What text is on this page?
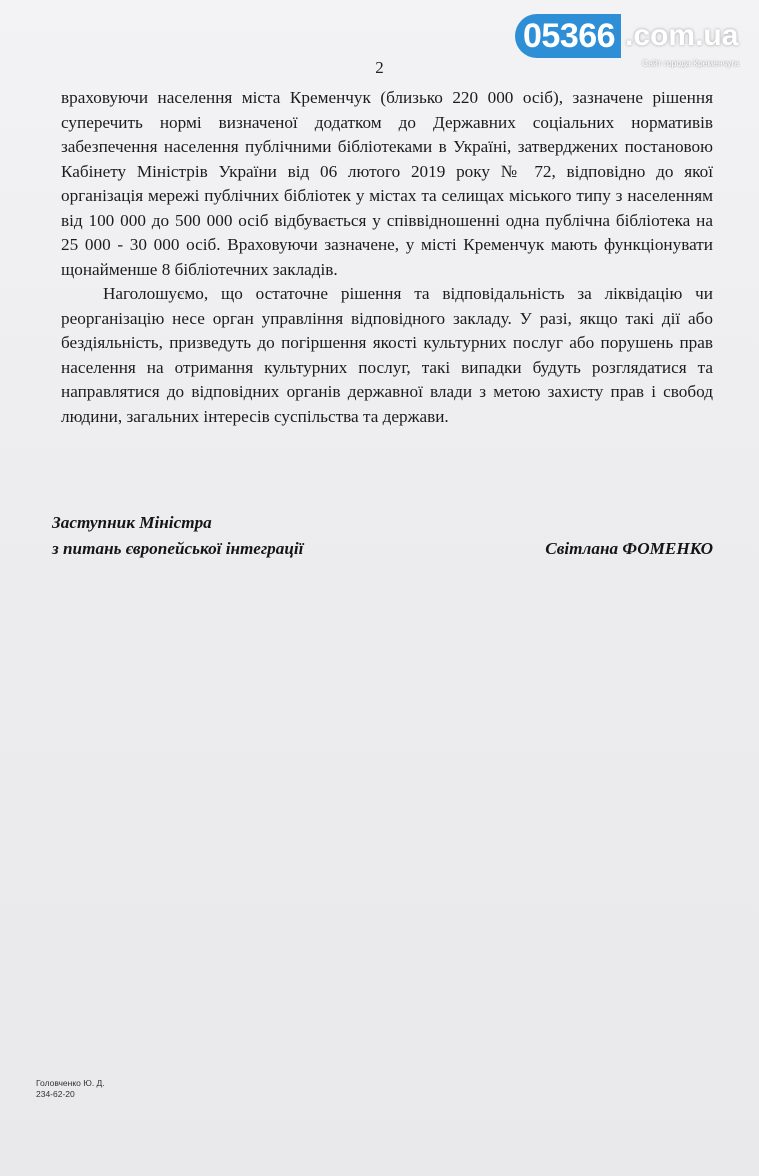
05366 .com.ua
Сайт города Кременчуга
2

враховуючи населення міста Кременчук (близько 220 000 осіб), зазначене рішення суперечить нормі визначеної додатком до Державних соціальних нормативів забезпечення населення публічними бібліотеками в Україні, затверджених постановою Кабінету Міністрів України від 06 лютого 2019 року № 72, відповідно до якої організація мережі публічних бібліотек у містах та селищах міського типу з населенням від 100 000 до 500 000 осіб відбувається у співвідношенні одна публічна бібліотека на 25 000 - 30 000 осіб. Враховуючи зазначене, у місті Кременчук мають функціонувати щонайменше 8 бібліотечних закладів.

Наголошуємо, що остаточне рішення та відповідальність за ліквідацію чи реорганізацію несе орган управління відповідного закладу. У разі, якщо такі дії або бездіяльність, призведуть до погіршення якості культурних послуг або порушень прав населення на отримання культурних послуг, такі випадки будуть розглядатися та направлятися до відповідних органів державної влади з метою захисту прав і свобод людини, загальних інтересів суспільства та держави.

Заступник Міністра
з питань європейської інтеграції	Світлана ФОМЕНКО
Головченко Ю. Д.
234-62-20
